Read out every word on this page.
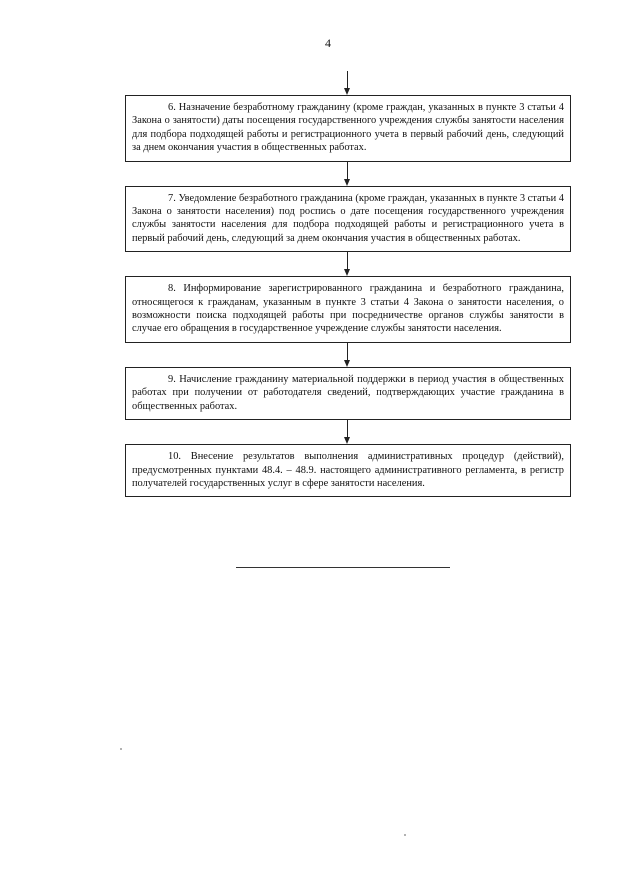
4
6. Назначение безработному гражданину (кроме граждан, указанных в пункте 3 статьи 4 Закона о занятости) даты посещения государственного учреждения службы занятости населения для подбора подходящей работы и регистрационного учета в первый рабочий день, следующий за днем окончания участия в общественных работах.
7. Уведомление безработного гражданина (кроме граждан, указанных в пункте 3 статьи 4 Закона о занятости населения) под роспись о дате посещения государственного учреждения службы занятости населения для подбора подходящей работы и регистрационного учета в первый рабочий день, следующий за днем окончания участия в общественных работах.
8. Информирование зарегистрированного гражданина и безработного гражданина, относящегося к гражданам, указанным в пункте 3 статьи 4 Закона о занятости населения, о возможности поиска подходящей работы при посредничестве органов службы занятости в случае его обращения в государственное учреждение службы занятости населения.
9. Начисление гражданину материальной поддержки в период участия в общественных работах при получении от работодателя сведений, подтверждающих участие гражданина в общественных работах.
10. Внесение результатов выполнения административных процедур (действий), предусмотренных пунктами 48.4. – 48.9. настоящего административного регламента, в регистр получателей государственных услуг в сфере занятости населения.
